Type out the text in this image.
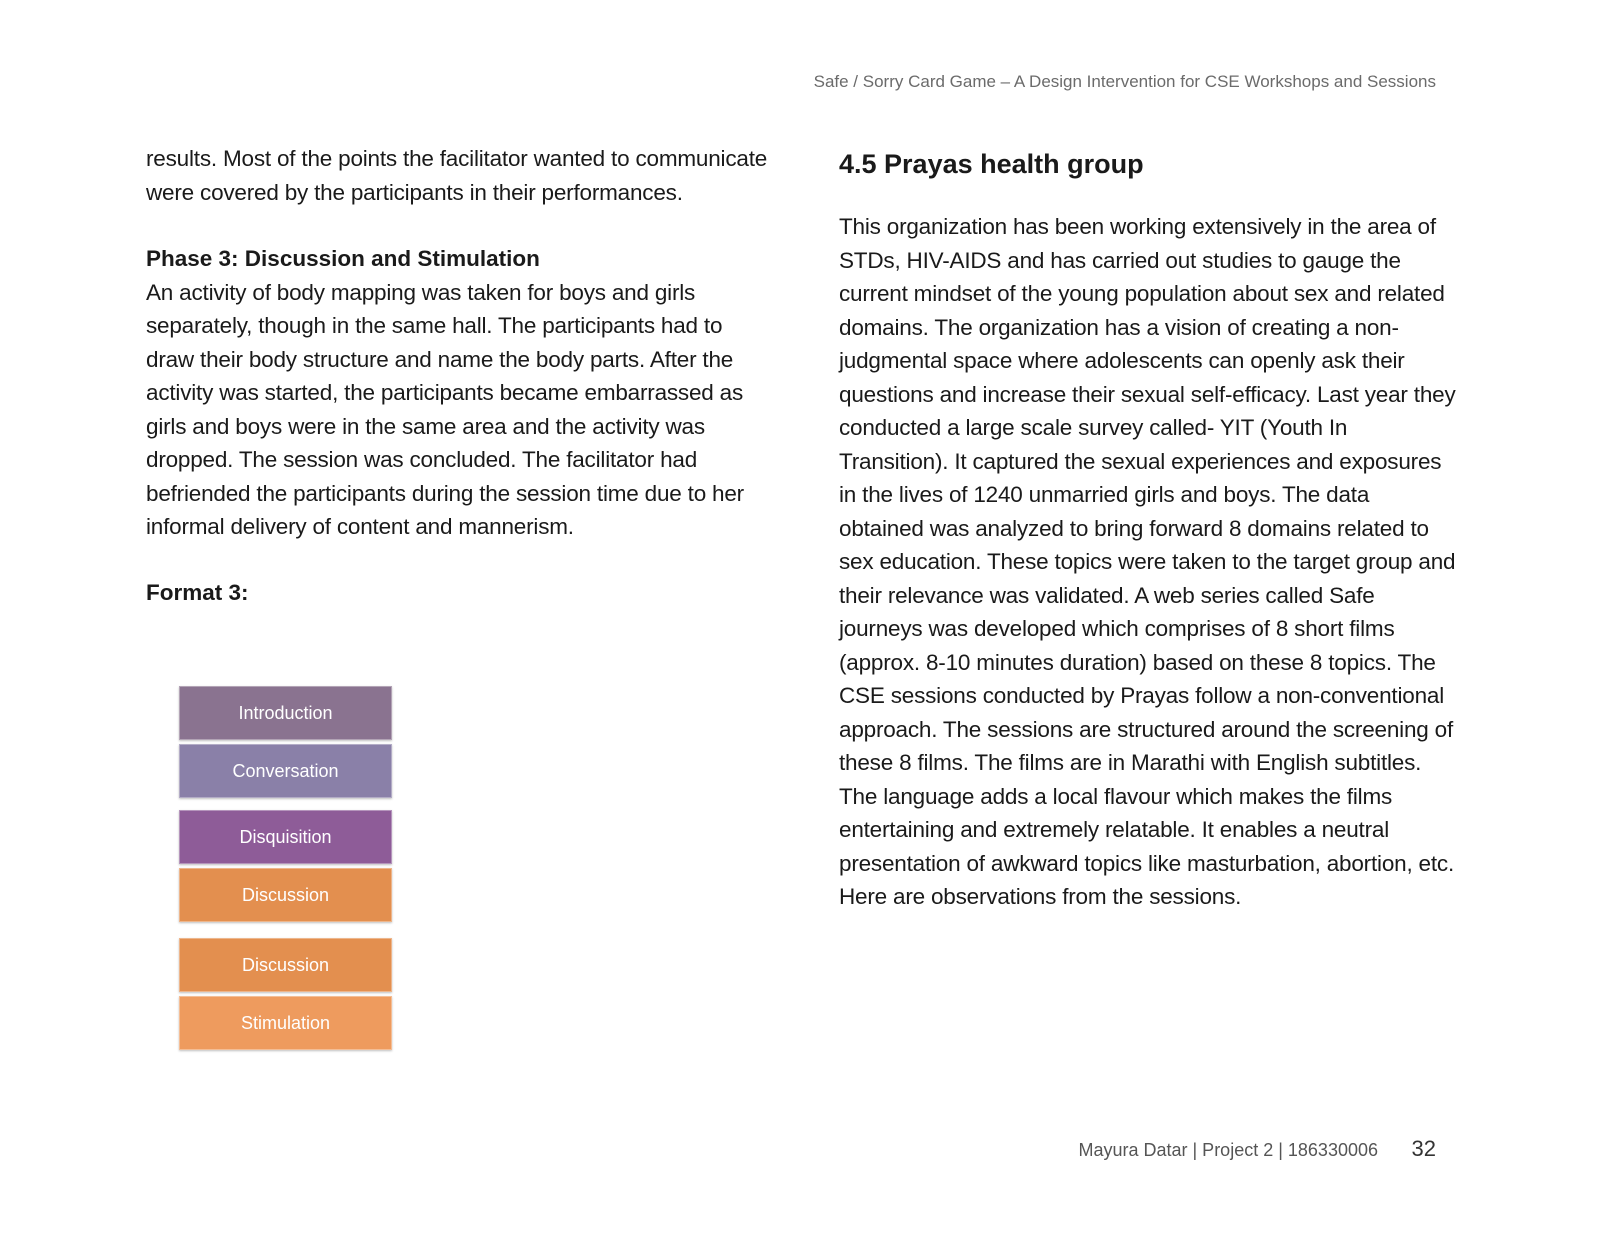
Safe / Sorry Card Game – A Design Intervention for CSE Workshops and Sessions

results. Most of the points the facilitator wanted to communicate were covered by the participants in their performances.

Phase 3: Discussion and Stimulation

An activity of body mapping was taken for boys and girls separately, though in the same hall. The participants had to draw their body structure and name the body parts. After the activity was started, the participants became embarrassed as girls and boys were in the same area and the activity was dropped. The session was concluded. The facilitator had befriended the participants during the session time due to her informal delivery of content and mannerism.

Format 3:

Introduction
Conversation
Disquisition
Discussion
Discussion
Stimulation
4.5 Prayas health group

This organization has been working extensively in the area of STDs, HIV-AIDS and has carried out studies to gauge the current mindset of the young population about sex and related domains. The organization has a vision of creating a non-judgmental space where adolescents can openly ask their questions and increase their sexual self-efficacy. Last year they conducted a large scale survey called- YIT (Youth In Transition). It captured the sexual experiences and exposures in the lives of 1240 unmarried girls and boys. The data obtained was analyzed to bring forward 8 domains related to sex education. These topics were taken to the target group and their relevance was validated. A web series called Safe journeys was developed which comprises of 8 short films (approx. 8-10 minutes duration) based on these 8 topics. The CSE sessions conducted by Prayas follow a non-conventional approach. The sessions are structured around the screening of these 8 films. The films are in Marathi with English subtitles. The language adds a local flavour which makes the films entertaining and extremely relatable. It enables a neutral presentation of awkward topics like masturbation, abortion, etc. Here are observations from the sessions.

Mayura Datar | Project 2 | 186330006 32
